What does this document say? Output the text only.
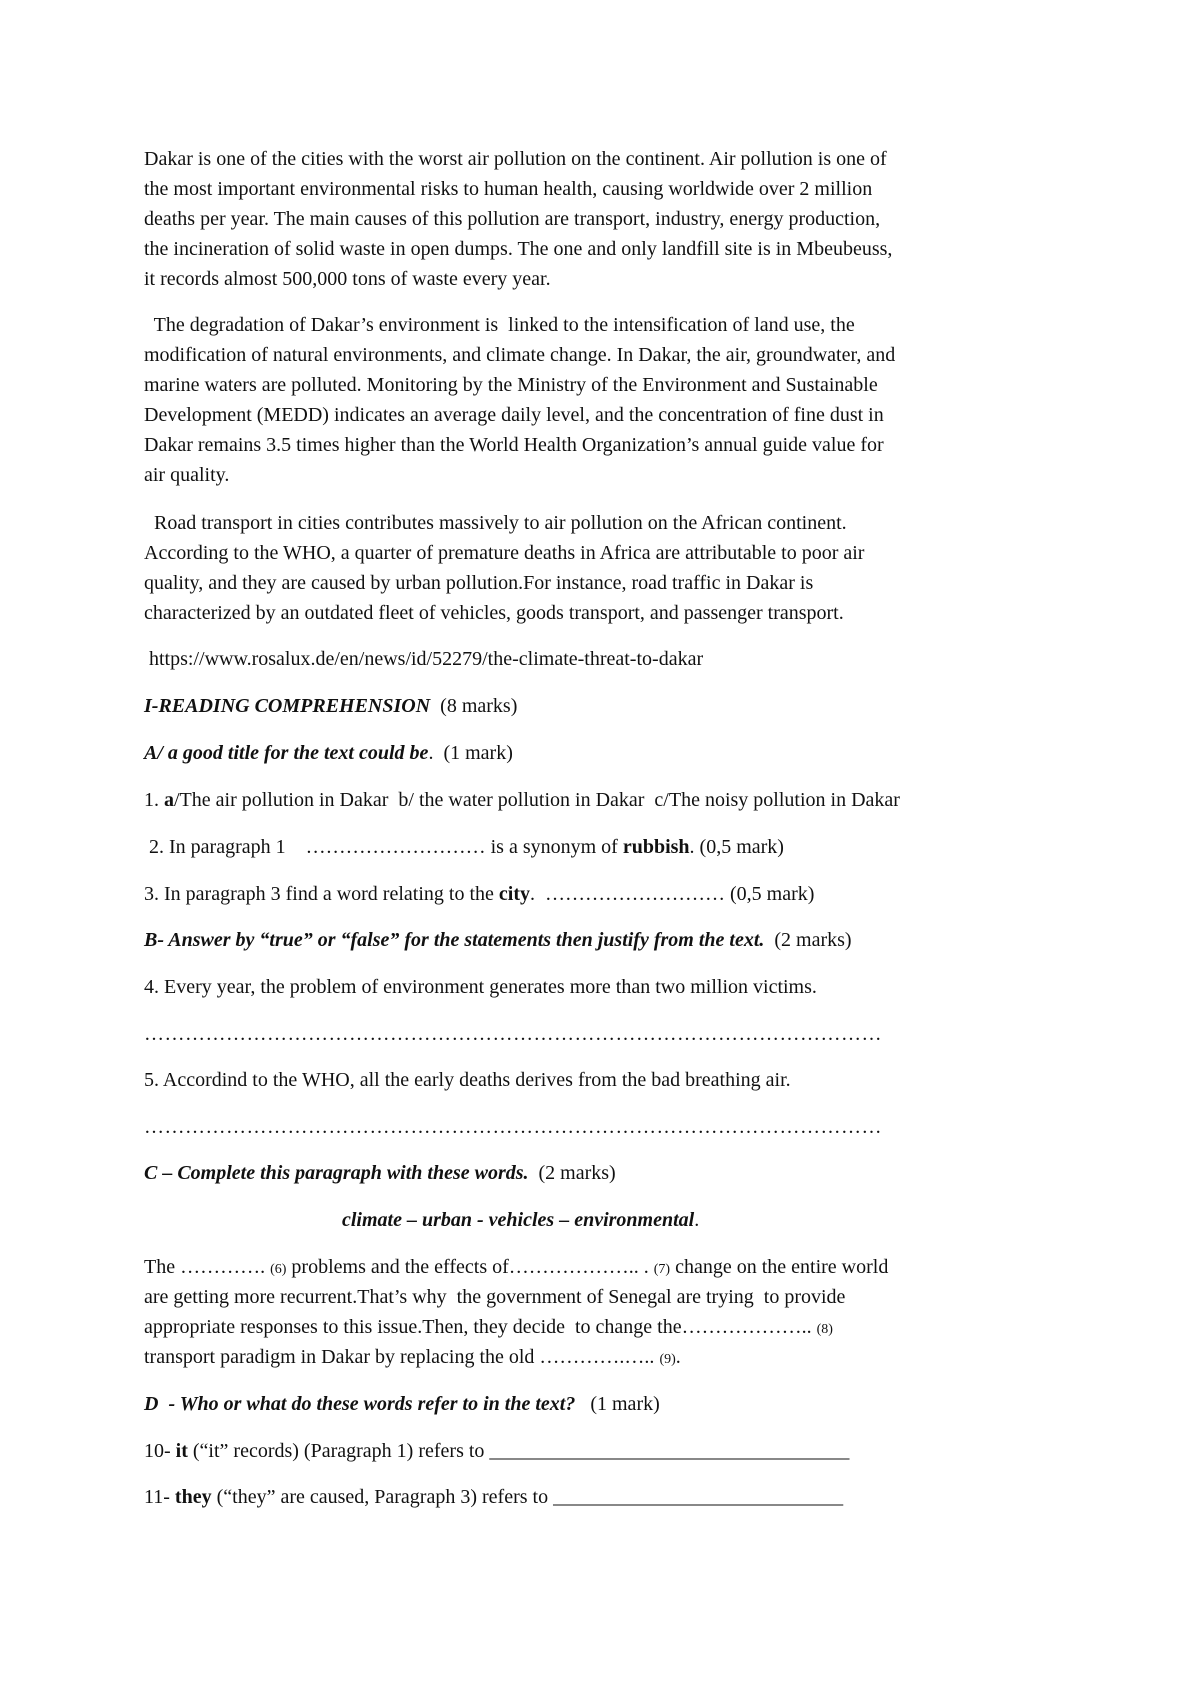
Dakar is one of the cities with the worst air pollution on the continent. Air pollution is one of
the most important environmental risks to human health, causing worldwide over 2 million
deaths per year. The main causes of this pollution are transport, industry, energy production,
the incineration of solid waste in open dumps. The one and only landfill site is in Mbeubeuss,
it records almost 500,000 tons of waste every year.
The degradation of Dakar’s environment is  linked to the intensification of land use, the
modification of natural environments, and climate change. In Dakar, the air, groundwater, and
marine waters are polluted. Monitoring by the Ministry of the Environment and Sustainable
Development (MEDD) indicates an average daily level, and the concentration of fine dust in
Dakar remains 3.5 times higher than the World Health Organization’s annual guide value for
air quality.
Road transport in cities contributes massively to air pollution on the African continent.
According to the WHO, a quarter of premature deaths in Africa are attributable to poor air
quality, and they are caused by urban pollution.For instance, road traffic in Dakar is
characterized by an outdated fleet of vehicles, goods transport, and passenger transport.
https://www.rosalux.de/en/news/id/52279/the-climate-threat-to-dakar
I-READING COMPREHENSION  (8 marks)
A/ a good title for the text could be.  (1 mark)
1. a/The air pollution in Dakar  b/ the water pollution in Dakar  c/The noisy pollution in Dakar
2. In paragraph 1    ……………………… is a synonym of rubbish. (0,5 mark)
3. In paragraph 3 find a word relating to the city.  ……………………… (0,5 mark)
B- Answer by “true” or “false” for the statements then justify from the text.  (2 marks)
4. Every year, the problem of environment generates more than two million victims.
………………………………………………………………………………………………
5. Accordind to the WHO, all the early deaths derives from the bad breathing air.
………………………………………………………………………………………………
C – Complete this paragraph with these words.  (2 marks)
climate – urban - vehicles – environmental.
The …………. (6) problems and the effects of……………….. . (7) change on the entire world
are getting more recurrent.That’s why  the government of Senegal are trying  to provide
appropriate responses to this issue.Then, they decide  to change the……………….. (8)
transport paradigm in Dakar by replacing the old ………….….. (9).
D  - Who or what do these words refer to in the text?   (1 mark)
10- it (“it” records) (Paragraph 1) refers to ____________________________________
11- they (“they” are caused, Paragraph 3) refers to _____________________________
